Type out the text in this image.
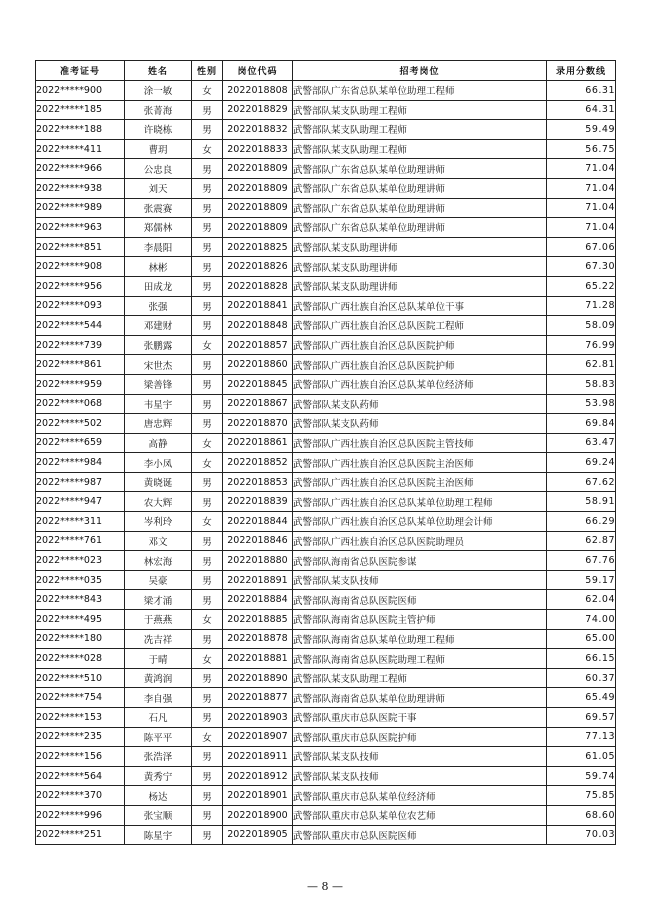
准考证号	姓名	性别	岗位代码	招考岗位	录用分数线
2022*****900	涂一敏	女	2022018808	武警部队广东省总队某单位助理工程师	66.31
2022*****185	张菁海	男	2022018829	武警部队某支队助理工程师	64.31
2022*****188	许晓栋	男	2022018832	武警部队某支队助理工程师	59.49
2022*****411	曹玥	女	2022018833	武警部队某支队助理工程师	56.75
2022*****966	公忠良	男	2022018809	武警部队广东省总队某单位助理讲师	71.04
2022*****938	刘天	男	2022018809	武警部队广东省总队某单位助理讲师	71.04
2022*****989	张震赛	男	2022018809	武警部队广东省总队某单位助理讲师	71.04
2022*****963	郑儒林	男	2022018809	武警部队广东省总队某单位助理讲师	71.04
2022*****851	李晨阳	男	2022018825	武警部队某支队助理讲师	67.06
2022*****908	林彬	男	2022018826	武警部队某支队助理讲师	67.30
2022*****956	田成龙	男	2022018828	武警部队某支队助理讲师	65.22
2022*****093	张强	男	2022018841	武警部队广西壮族自治区总队某单位干事	71.28
2022*****544	邓建财	男	2022018848	武警部队广西壮族自治区总队医院工程师	58.09
2022*****739	张鹏露	女	2022018857	武警部队广西壮族自治区总队医院护师	76.99
2022*****861	宋世杰	男	2022018860	武警部队广西壮族自治区总队医院护师	62.81
2022*****959	梁善锋	男	2022018845	武警部队广西壮族自治区总队某单位经济师	58.83
2022*****068	韦星宇	男	2022018867	武警部队某支队药师	53.98
2022*****502	唐忠辉	男	2022018870	武警部队某支队药师	69.84
2022*****659	高静	女	2022018861	武警部队广西壮族自治区总队医院主管技师	63.47
2022*****984	李小凤	女	2022018852	武警部队广西壮族自治区总队医院主治医师	69.24
2022*****987	黄晓诞	男	2022018853	武警部队广西壮族自治区总队医院主治医师	67.62
2022*****947	农大辉	男	2022018839	武警部队广西壮族自治区总队某单位助理工程师	58.91
2022*****311	岑利玲	女	2022018844	武警部队广西壮族自治区总队某单位助理会计师	66.29
2022*****761	邓文	男	2022018846	武警部队广西壮族自治区总队医院助理员	62.87
2022*****023	林宏海	男	2022018880	武警部队海南省总队医院参谋	67.76
2022*****035	吴豪	男	2022018891	武警部队某支队技师	59.17
2022*****843	梁才涌	男	2022018884	武警部队海南省总队医院医师	62.04
2022*****495	于燕燕	女	2022018885	武警部队海南省总队医院主管护师	74.00
2022*****180	冼吉祥	男	2022018878	武警部队海南省总队某单位助理工程师	65.00
2022*****028	于晴	女	2022018881	武警部队海南省总队医院助理工程师	66.15
2022*****510	黄鸿润	男	2022018890	武警部队某支队助理工程师	60.37
2022*****754	李自强	男	2022018877	武警部队海南省总队某单位助理讲师	65.49
2022*****153	石凡	男	2022018903	武警部队重庆市总队医院干事	69.57
2022*****235	陈平平	女	2022018907	武警部队重庆市总队医院护师	77.13
2022*****156	张浩泽	男	2022018911	武警部队某支队技师	61.05
2022*****564	黄秀宁	男	2022018912	武警部队某支队技师	59.74
2022*****370	杨达	男	2022018901	武警部队重庆市总队某单位经济师	75.85
2022*****996	张宝顺	男	2022018900	武警部队重庆市总队某单位农艺师	68.60
2022*****251	陈星宇	男	2022018905	武警部队重庆市总队医院医师	70.03
— 8 —
